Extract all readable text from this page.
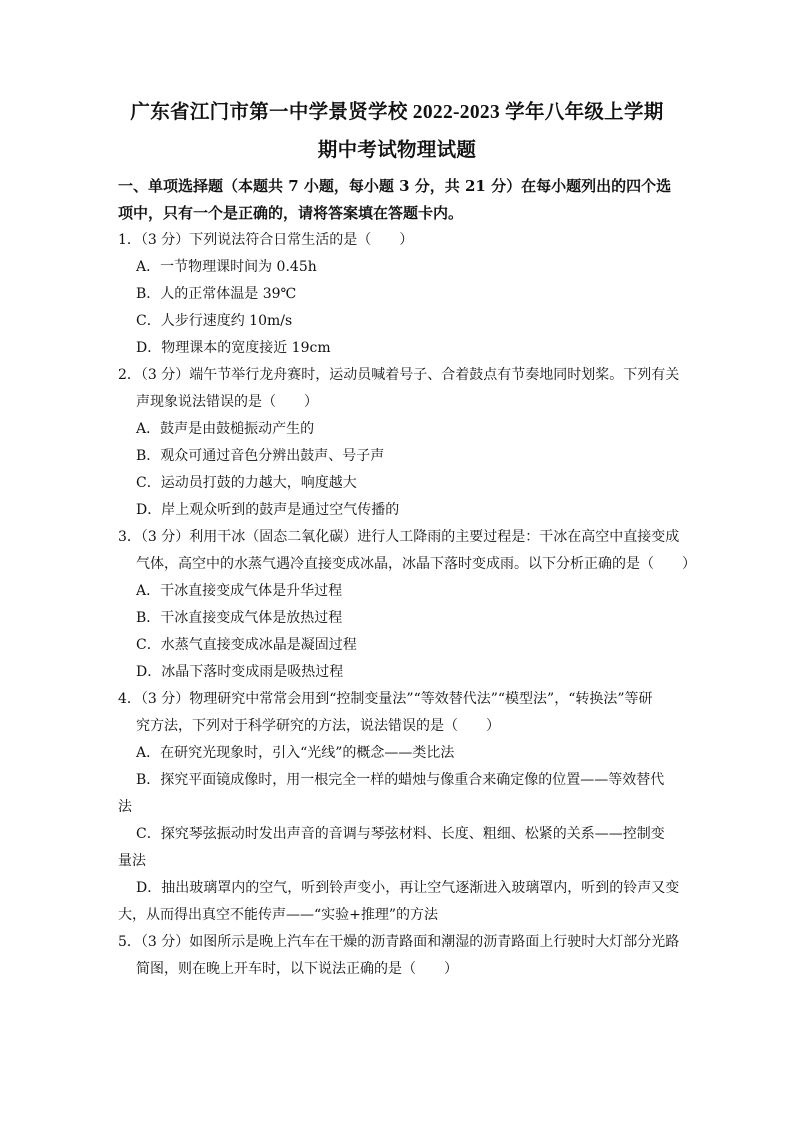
广东省江门市第一中学景贤学校 2022-2023 学年八年级上学期
期中考试物理试题
一、单项选择题（本题共 7 小题，每小题 3 分，共 21 分）在每小题列出的四个选项中，只有一个是正确的，请将答案填在答题卡内。
1．（3 分）下列说法符合日常生活的是（　　）
A．一节物理课时间为 0.45h
B．人的正常体温是 39℃
C．人步行速度约 10m/s
D．物理课本的宽度接近 19cm
2．（3 分）端午节举行龙舟赛时，运动员喊着号子、合着鼓点有节奏地同时划桨。下列有关
声现象说法错误的是（　　）
A．鼓声是由鼓槌振动产生的
B．观众可通过音色分辨出鼓声、号子声
C．运动员打鼓的力越大，响度越大
D．岸上观众听到的鼓声是通过空气传播的
3．（3 分）利用干冰（固态二氧化碳）进行人工降雨的主要过程是：干冰在高空中直接变成
气体，高空中的水蒸气遇冷直接变成冰晶，冰晶下落时变成雨。以下分析正确的是（　　）
A．干冰直接变成气体是升华过程
B．干冰直接变成气体是放热过程
C．水蒸气直接变成冰晶是凝固过程
D．冰晶下落时变成雨是吸热过程
4．（3 分）物理研究中常常会用到“控制变量法”“等效替代法”“模型法”，“转换法”等研
究方法，下列对于科学研究的方法，说法错误的是（　　）
A．在研究光现象时，引入“光线”的概念——类比法
B．探究平面镜成像时，用一根完全一样的蜡烛与像重合来确定像的位置——等效替代
法
C．探究琴弦振动时发出声音的音调与琴弦材料、长度、粗细、松紧的关系——控制变
量法
D．抽出玻璃罩内的空气，听到铃声变小，再让空气逐渐进入玻璃罩内，听到的铃声又变
大，从而得出真空不能传声——“实验+推理”的方法
5．（3 分）如图所示是晚上汽车在干燥的沥青路面和潮湿的沥青路面上行驶时大灯部分光路
简图，则在晚上开车时，以下说法正确的是（　　）
